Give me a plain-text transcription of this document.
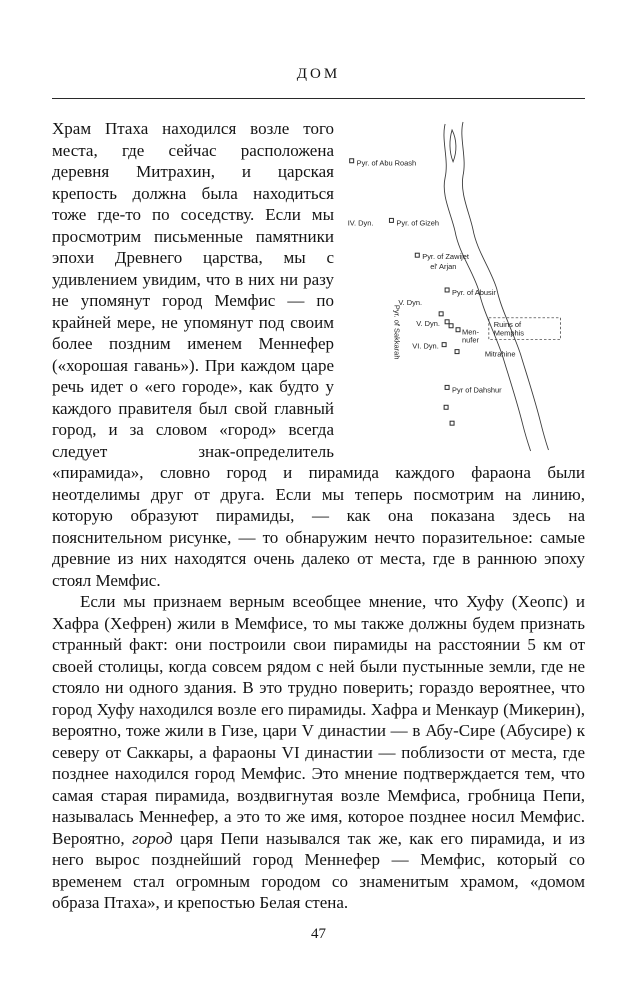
ДОМ
Pyr. of Abu Roash
IV. Dyn.	Pyr. of Gizeh
Pyr. of Zawijet
el' Arjan
Pyr. of Abusir
V. Dyn.
V. Dyn.
Pyr. of Sakkarah VI. Dyn.
Men-
nufer
Ruins of
Memphis
Mitrahine
Pyr of Dahshur

Храм Птаха находился возле того места, где сейчас расположена деревня Митрахин, и царская крепость должна была находиться тоже где-то по соседству. Если мы просмотрим письменные памятники эпохи Древнего царства, мы с удивлением увидим, что в них ни разу не упомянут город Мемфис — по крайней мере, не упомянут под своим более поздним именем Меннефер («хорошая гавань»). При каждом царе речь идет о «его городе», как будто у каждого правителя был свой главный город, и за словом «город» всегда следует знак-определитель «пирамида», словно город и пирамида каждого фараона были неотделимы друг от друга. Если мы теперь посмотрим на линию, которую образуют пирамиды, — как она показана здесь на пояснительном рисунке, — то обнаружим нечто поразительное: самые древние из них находятся очень далеко от места, где в раннюю эпоху стоял Мемфис.

Если мы признаем верным всеобщее мнение, что Хуфу (Хеопс) и Хафра (Хефрен) жили в Мемфисе, то мы также должны будем признать странный факт: они построили свои пирамиды на расстоянии 5 км от своей столицы, когда совсем рядом с ней были пустынные земли, где не стояло ни одного здания. В это трудно поверить; гораздо вероятнее, что город Хуфу находился возле его пирамиды. Хафра и Менкаур (Микерин), вероятно, тоже жили в Гизе, цари V династии — в Абу-Сире (Абусире) к северу от Саккары, а фараоны VI династии — поблизости от места, где позднее находился город Мемфис. Это мнение подтверждается тем, что самая старая пирамида, воздвигнутая возле Мемфиса, гробница Пепи, называлась Меннефер, а это то же имя, которое позднее носил Мемфис. Вероятно, город царя Пепи назывался так же, как его пирамида, и из него вырос позднейший город Меннефер — Мемфис, который со временем стал огромным городом со знаменитым храмом, «домом образа Птаха», и крепостью Белая стена.

47
